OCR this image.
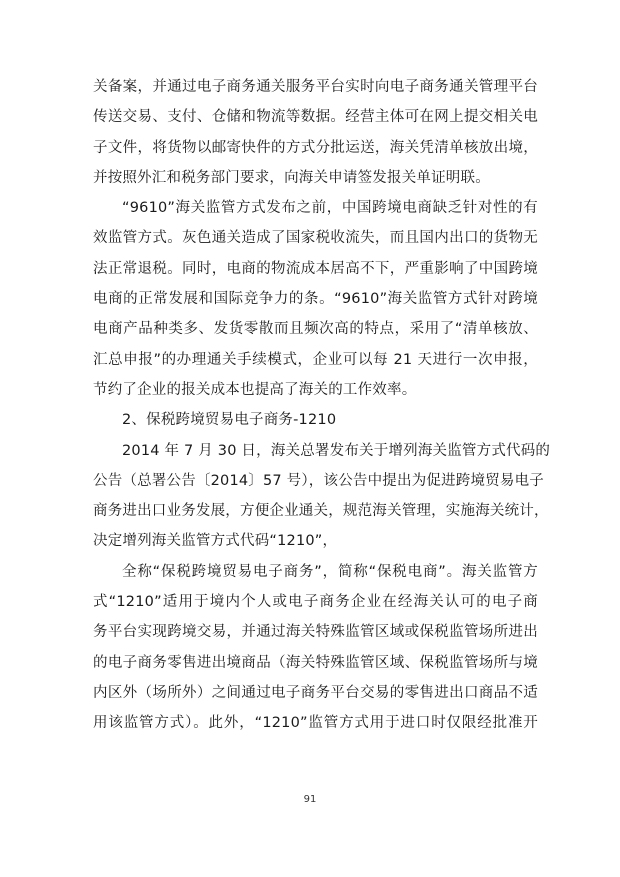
关备案，并通过电子商务通关服务平台实时向电子商务通关管理平台
传送交易、支付、仓储和物流等数据。经营主体可在网上提交相关电
子文件，将货物以邮寄快件的方式分批运送，海关凭清单核放出境，
并按照外汇和税务部门要求，向海关申请签发报关单证明联。
“9610”海关监管方式发布之前，中国跨境电商缺乏针对性的有
效监管方式。灰色通关造成了国家税收流失，而且国内出口的货物无
法正常退税。同时，电商的物流成本居高不下，严重影响了中国跨境
电商的正常发展和国际竞争力的条。“9610”海关监管方式针对跨境
电商产品种类多、发货零散而且频次高的特点，采用了“清单核放、
汇总申报”的办理通关手续模式，企业可以每 21 天进行一次申报，
节约了企业的报关成本也提高了海关的工作效率。
2、保税跨境贸易电子商务-1210
2014 年 7 月 30 日，海关总署发布关于增列海关监管方式代码的
公告（总署公告〔2014〕57 号），该公告中提出为促进跨境贸易电子
商务进出口业务发展，方便企业通关，规范海关管理，实施海关统计，
决定增列海关监管方式代码“1210”，
全称“保税跨境贸易电子商务”，简称“保税电商”。海关监管方
式“1210”适用于境内个人或电子商务企业在经海关认可的电子商
务平台实现跨境交易，并通过海关特殊监管区域或保税监管场所进出
的电子商务零售进出境商品（海关特殊监管区域、保税监管场所与境
内区外（场所外）之间通过电子商务平台交易的零售进出口商品不适
用该监管方式）。此外，“1210”监管方式用于进口时仅限经批准开
91
